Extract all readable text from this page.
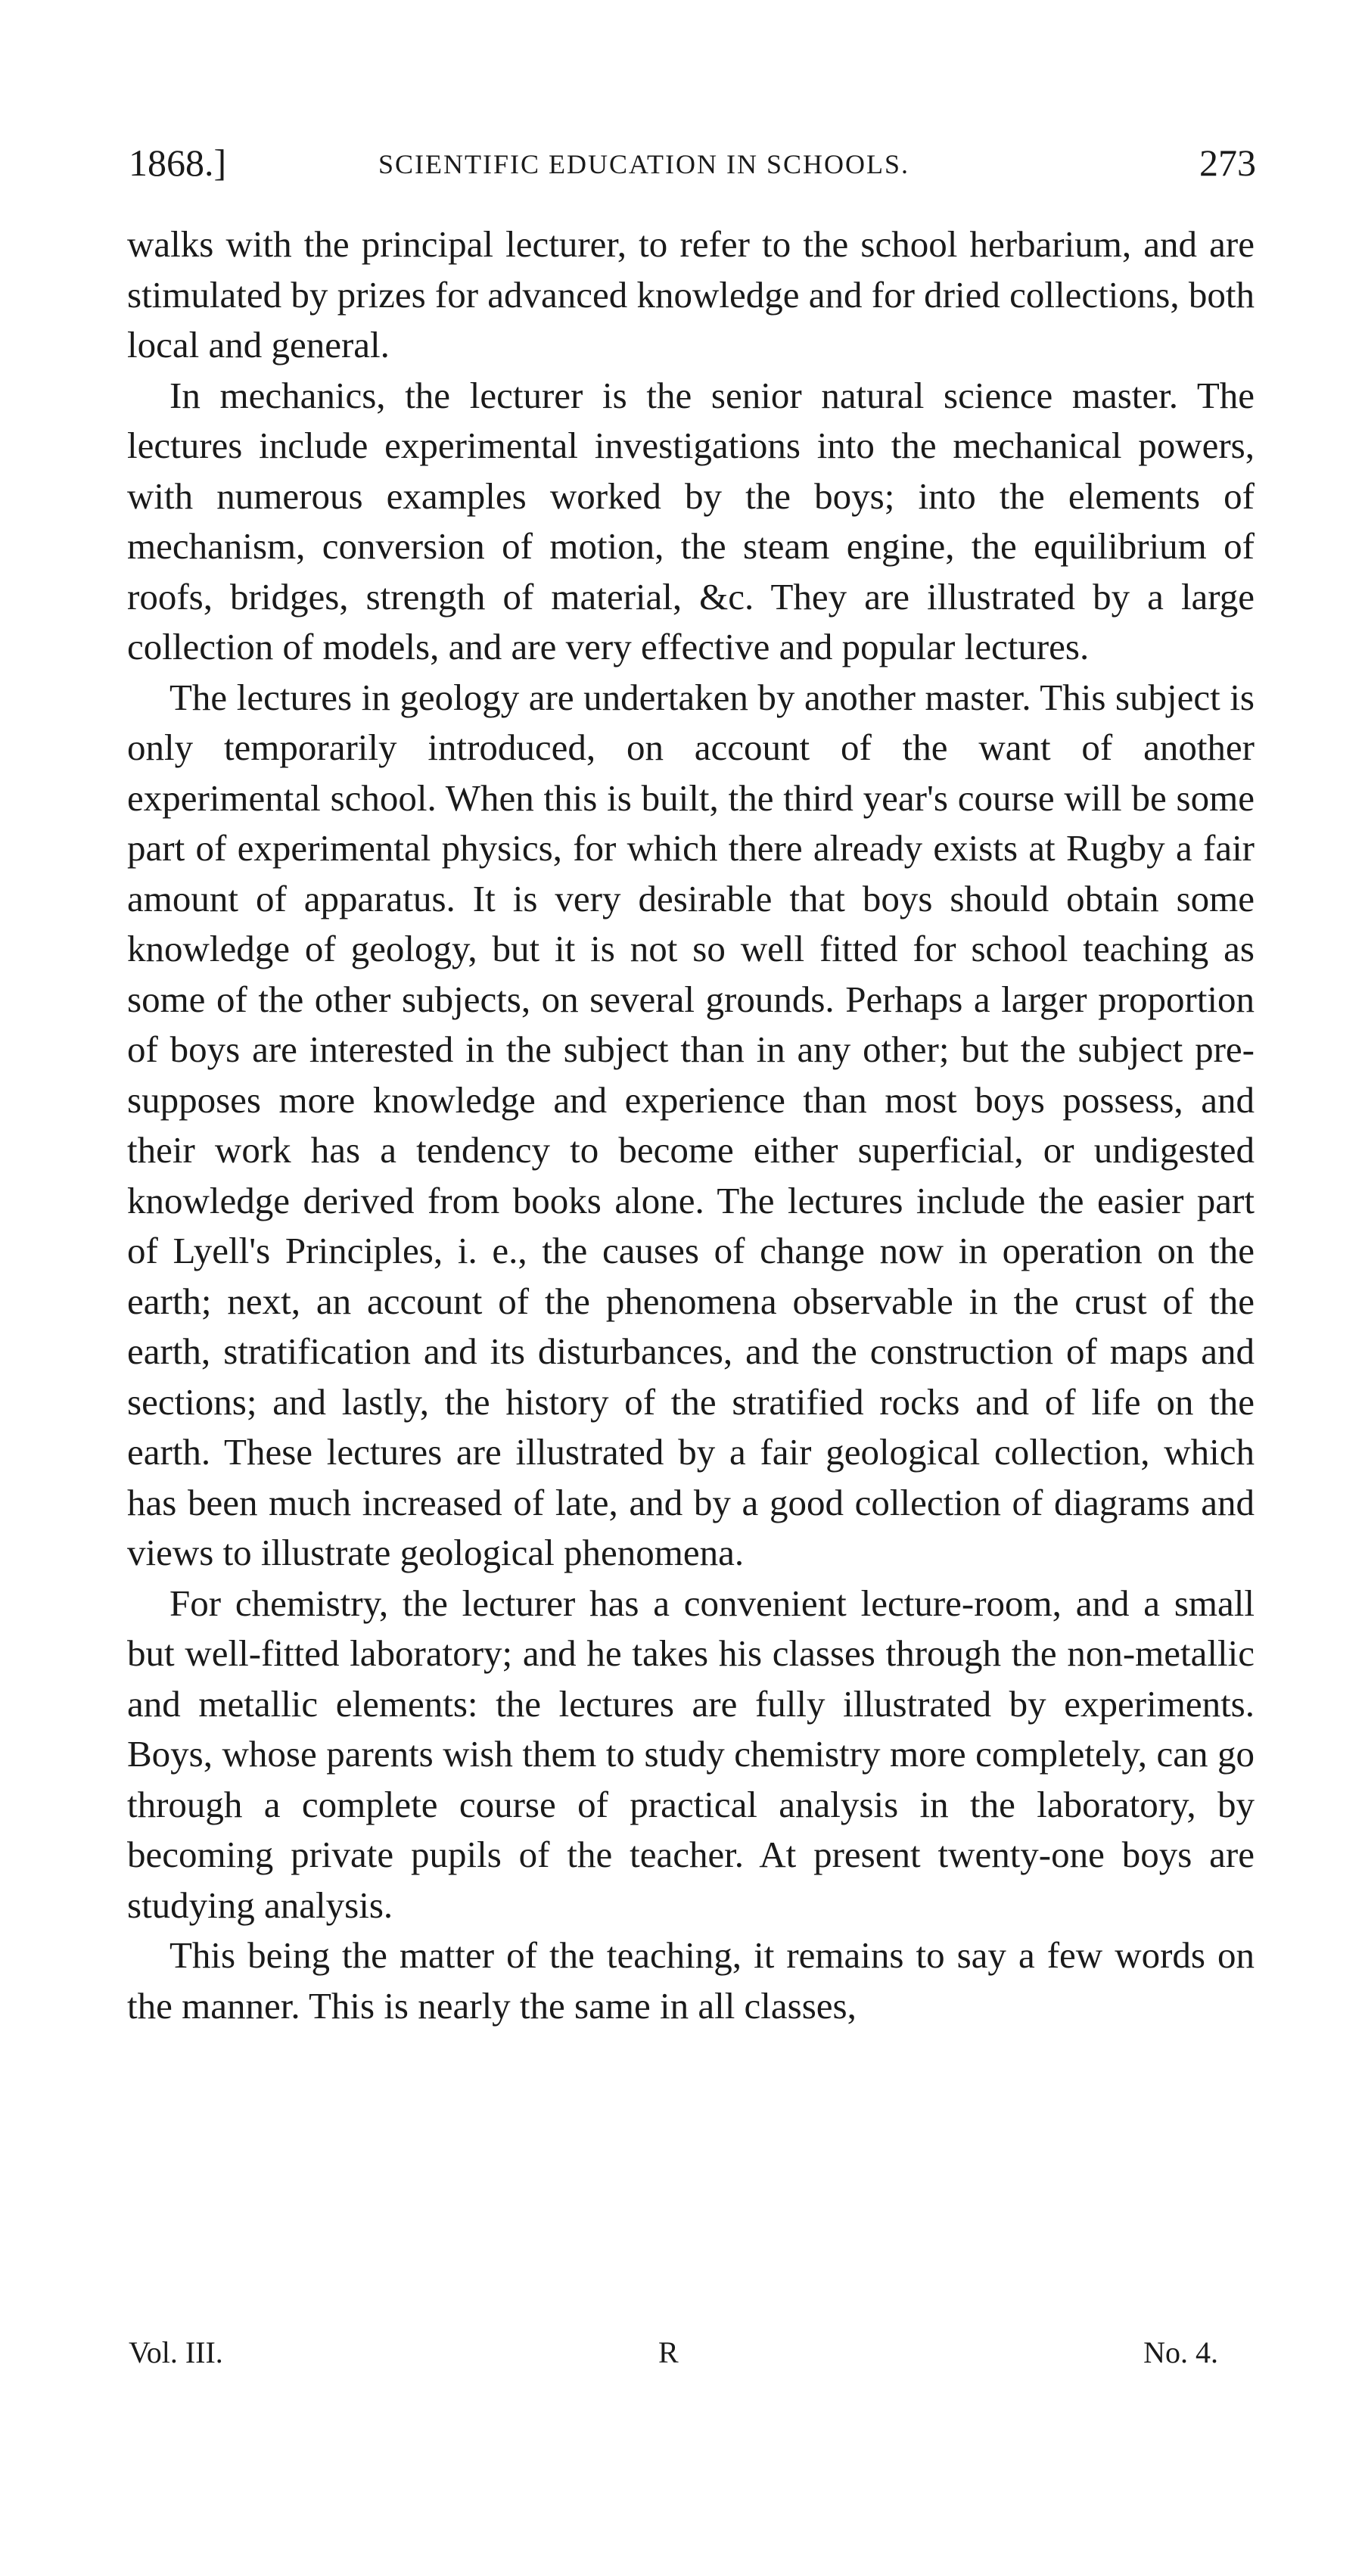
1868.]	SCIENTIFIC EDUCATION IN SCHOOLS.	273

walks with the principal lecturer, to refer to the school herbarium, and are stimulated by prizes for advanced knowledge and for dried collections, both local and general.

In mechanics, the lecturer is the senior natural science master. The lectures include experimental investigations into the mechanical powers, with numerous examples worked by the boys; into the elements of mechanism, conversion of motion, the steam engine, the equilibrium of roofs, bridges, strength of material, &c. They are illustrated by a large collection of models, and are very effective and popular lectures.

The lectures in geology are undertaken by another master. This subject is only temporarily introduced, on account of the want of another experimental school. When this is built, the third year's course will be some part of experimental physics, for which there already exists at Rugby a fair amount of apparatus. It is very desirable that boys should obtain some knowledge of geology, but it is not so well fitted for school teaching as some of the other subjects, on several grounds. Perhaps a larger proportion of boys are interested in the subject than in any other; but the subject pre-supposes more knowledge and experience than most boys possess, and their work has a tendency to become either superficial, or undigested knowledge derived from books alone. The lectures include the easier part of Lyell's Principles, i. e., the causes of change now in operation on the earth; next, an account of the phenomena observable in the crust of the earth, stratification and its disturbances, and the construction of maps and sections; and lastly, the history of the stratified rocks and of life on the earth. These lectures are illustrated by a fair geological collection, which has been much increased of late, and by a good collection of diagrams and views to illustrate geological phenomena.

For chemistry, the lecturer has a convenient lecture-room, and a small but well-fitted laboratory; and he takes his classes through the non-metallic and metallic elements: the lectures are fully illustrated by experiments. Boys, whose parents wish them to study chemistry more completely, can go through a complete course of practical analysis in the laboratory, by becoming private pupils of the teacher. At present twenty-one boys are studying analysis.

This being the matter of the teaching, it remains to say a few words on the manner. This is nearly the same in all classes,

Vol. III.	R	No. 4.
